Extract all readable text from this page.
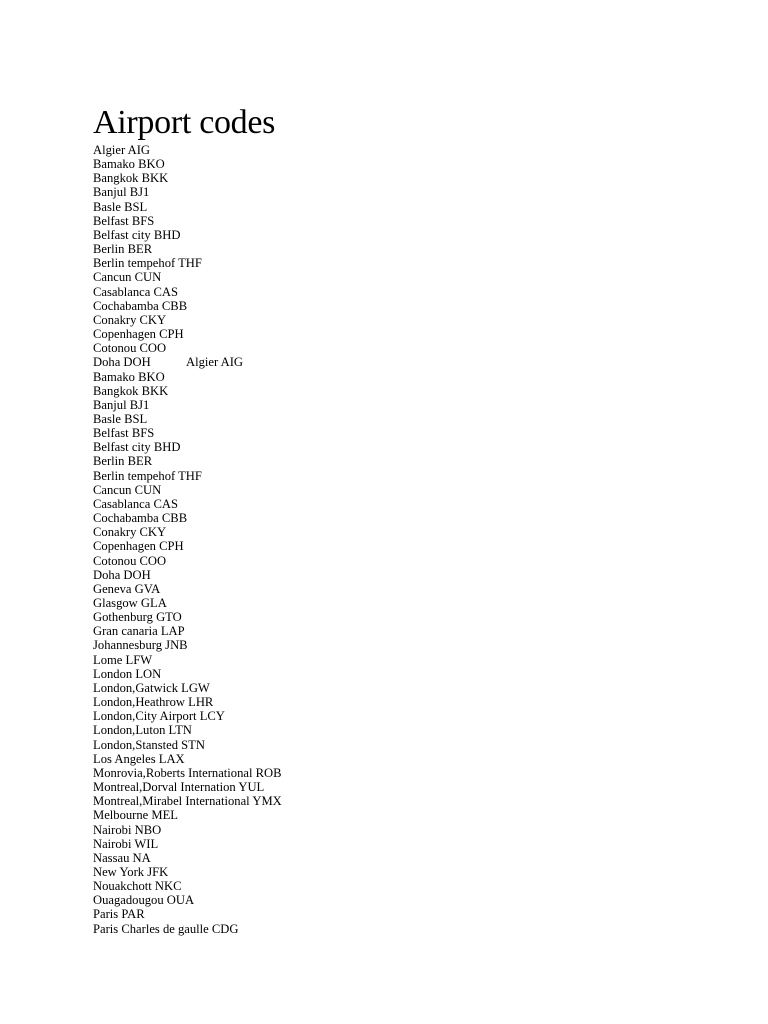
Airport codes
Algier AIG
Bamako BKO
Bangkok BKK
Banjul BJ1
Basle BSL
Belfast BFS
Belfast city BHD
Berlin BER
Berlin tempehof THF
Cancun CUN
Casablanca CAS
Cochabamba CBB
Conakry CKY
Copenhagen CPH
Cotonou COO
Doha DOH	Algier AIG
Bamako BKO
Bangkok BKK
Banjul BJ1
Basle BSL
Belfast BFS
Belfast city BHD
Berlin BER
Berlin tempehof THF
Cancun CUN
Casablanca CAS
Cochabamba CBB
Conakry CKY
Copenhagen CPH
Cotonou COO
Doha DOH
Geneva GVA
Glasgow GLA
Gothenburg GTO
Gran canaria LAP
Johannesburg JNB
Lome LFW
London LON
London,Gatwick LGW
London,Heathrow LHR
London,City Airport LCY
London,Luton LTN
London,Stansted STN
Los Angeles LAX
Monrovia,Roberts International ROB
Montreal,Dorval Internation YUL
Montreal,Mirabel International YMX
Melbourne MEL
Nairobi NBO
Nairobi WIL
Nassau NA
New York JFK
Nouakchott NKC
Ouagadougou OUA
Paris PAR
Paris Charles de gaulle CDG
